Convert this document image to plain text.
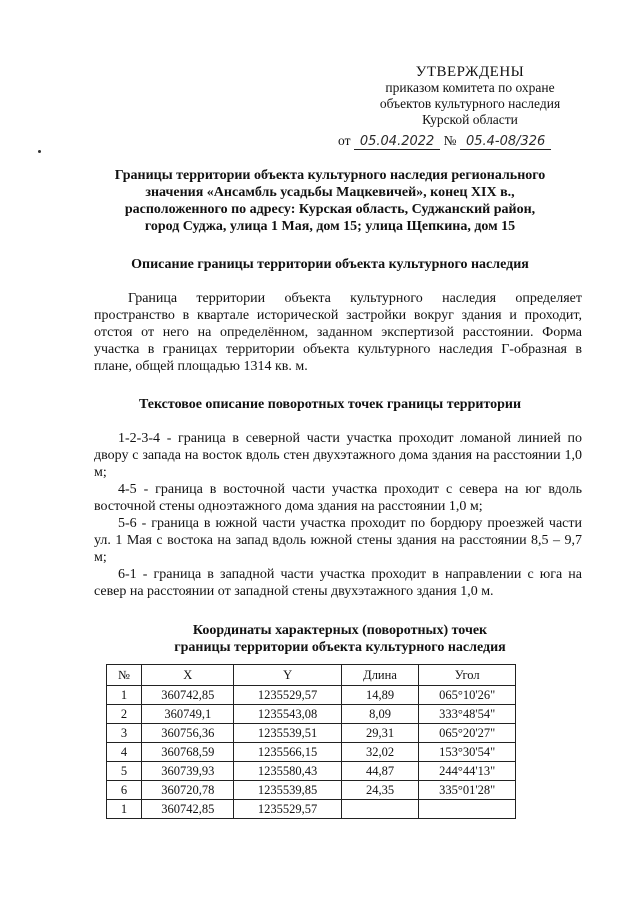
УТВЕРЖДЕНЫ
приказом комитета по охране
объектов культурного наследия
Курской области
от 05.04.2022 № 05.4-08/326
Границы территории объекта культурного наследия регионального
значения «Ансамбль усадьбы Мацкевичей», конец XIX в.,
расположенного по адресу: Курская область, Суджанский район,
город Суджа, улица 1 Мая, дом 15; улица Щепкина, дом 15
Описание границы территории объекта культурного наследия

Граница территории объекта культурного наследия определяет пространство в квартале исторической застройки вокруг здания и проходит, отстоя от него на определённом, заданном экспертизой расстоянии. Форма участка в границах территории объекта культурного наследия Г-образная в плане, общей площадью 1314 кв. м.

Текстовое описание поворотных точек границы территории

1-2-3-4 - граница в северной части участка проходит ломаной линией по двору с запада на восток вдоль стен двухэтажного дома здания на расстоянии 1,0 м;

4-5 - граница в восточной части участка проходит с севера на юг вдоль восточной стены одноэтажного дома здания на расстоянии 1,0 м;

5-6 - граница в южной части участка проходит по бордюру проезжей части ул. 1 Мая с востока на запад вдоль южной стены здания на расстоянии 8,5 – 9,7 м;

6-1 - граница в западной части участка проходит в направлении с юга на север на расстоянии от западной стены двухэтажного здания 1,0 м.

Координаты характерных (поворотных) точек
границы территории объекта культурного наследия
№	X	Y	Длина	Угол
1	360742,85	1235529,57	14,89	065°10'26"
2	360749,1	1235543,08	8,09	333°48'54"
3	360756,36	1235539,51	29,31	065°20'27"
4	360768,59	1235566,15	32,02	153°30'54"
5	360739,93	1235580,43	44,87	244°44'13"
6	360720,78	1235539,85	24,35	335°01'28"
1	360742,85	1235529,57		
